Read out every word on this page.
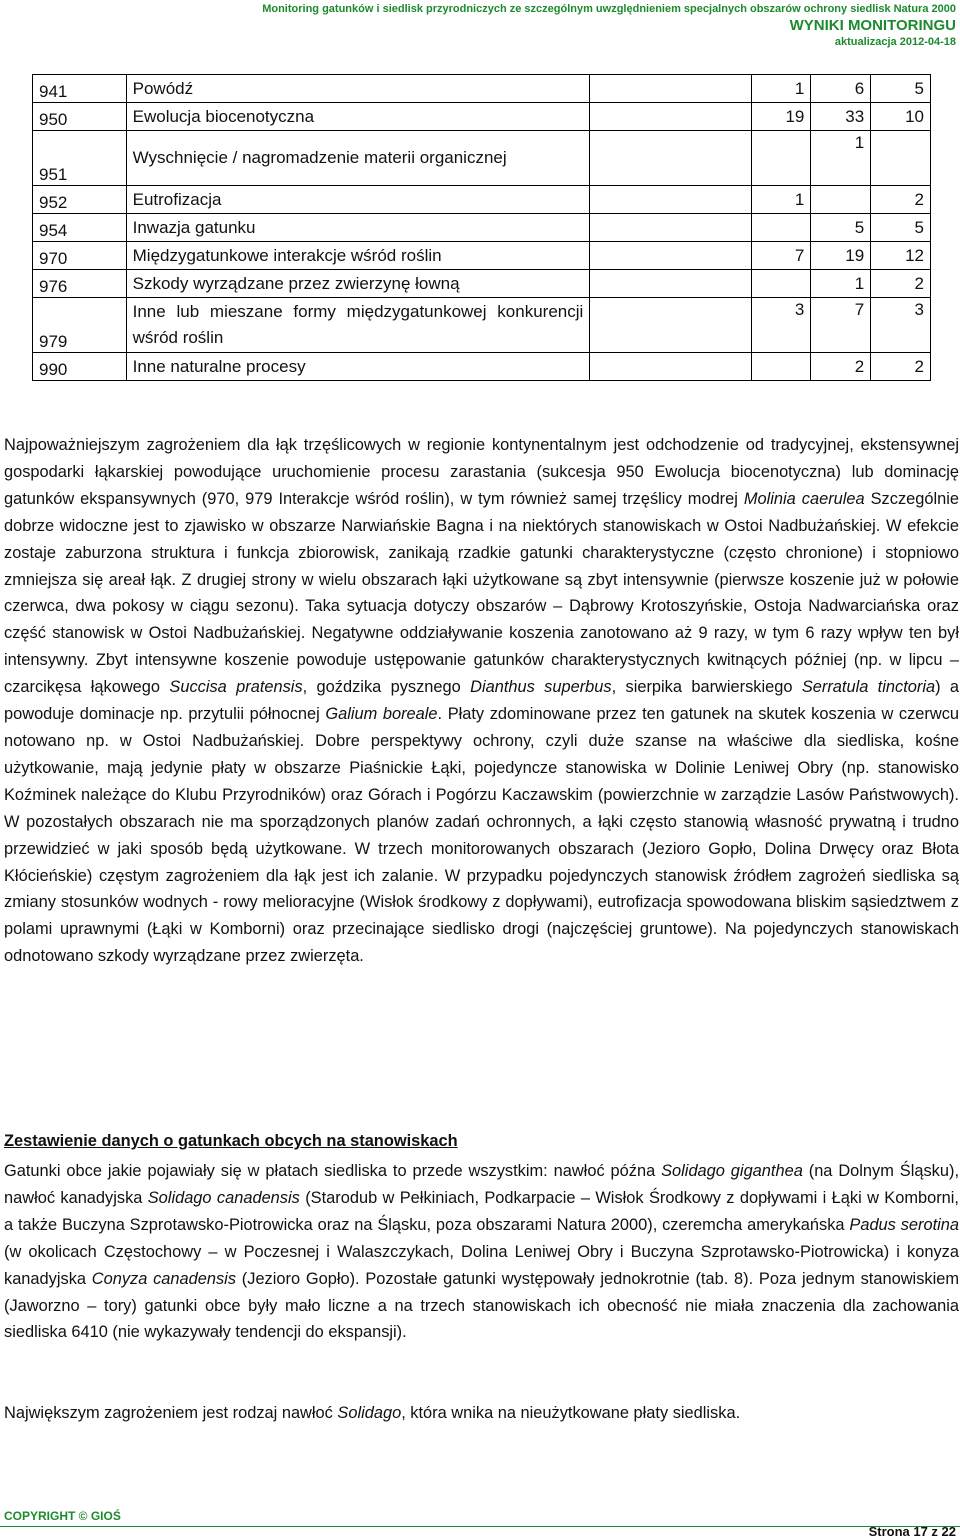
Monitoring gatunków i siedlisk przyrodniczych ze szczególnym uwzględnieniem specjalnych obszarów ochrony siedlisk Natura 2000
WYNIKI MONITORINGU
aktualizacja 2012-04-18
941	Powódź		1	6	5
950	Ewolucja biocenotyczna		19	33	10
951	Wyschnięcie / nagromadzenie materii organicznej			1	
952	Eutrofizacja		1		2
954	Inwazja gatunku			5	5
970	Międzygatunkowe interakcje wśród roślin		7	19	12
976	Szkody wyrządzane przez zwierzynę łowną			1	2
979	Inne lub mieszane formy międzygatunkowej konkurencji wśród roślin		3	7	3
990	Inne naturalne procesy			2	2

Najpoważniejszym zagrożeniem dla łąk trzęślicowych w regionie kontynentalnym jest odchodzenie od tradycyjnej, ekstensywnej gospodarki łąkarskiej powodujące uruchomienie procesu zarastania (sukcesja 950 Ewolucja biocenotyczna) lub dominację gatunków ekspansywnych (970, 979 Interakcje wśród roślin), w tym również samej trzęślicy modrej Molinia caerulea Szczególnie dobrze widoczne jest to zjawisko w obszarze Narwiańskie Bagna i na niektórych stanowiskach w Ostoi Nadbużańskiej. W efekcie zostaje zaburzona struktura i funkcja zbiorowisk, zanikają rzadkie gatunki charakterystyczne (często chronione) i stopniowo zmniejsza się areał łąk. Z drugiej strony w wielu obszarach łąki użytkowane są zbyt intensywnie (pierwsze koszenie już w połowie czerwca, dwa pokosy w ciągu sezonu). Taka sytuacja dotyczy obszarów – Dąbrowy Krotoszyńskie, Ostoja Nadwarciańska oraz część stanowisk w Ostoi Nadbużańskiej. Negatywne oddziaływanie koszenia zanotowano aż 9 razy, w tym 6 razy wpływ ten był intensywny. Zbyt intensywne koszenie powoduje ustępowanie gatunków charakterystycznych kwitnących później (np. w lipcu – czarcikęsa łąkowego Succisa pratensis, goździka pysznego Dianthus superbus, sierpika barwierskiego Serratula tinctoria) a powoduje dominacje np. przytulii północnej Galium boreale. Płaty zdominowane przez ten gatunek na skutek koszenia w czerwcu notowano np. w Ostoi Nadbużańskiej. Dobre perspektywy ochrony, czyli duże szanse na właściwe dla siedliska, kośne użytkowanie, mają jedynie płaty w obszarze Piaśnickie Łąki, pojedyncze stanowiska w Dolinie Leniwej Obry (np. stanowisko Koźminek należące do Klubu Przyrodników) oraz Górach i Pogórzu Kaczawskim (powierzchnie w zarządzie Lasów Państwowych). W pozostałych obszarach nie ma sporządzonych planów zadań ochronnych, a łąki często stanowią własność prywatną i trudno przewidzieć w jaki sposób będą użytkowane. W trzech monitorowanych obszarach (Jezioro Gopło, Dolina Drwęcy oraz Błota Kłócieńskie) częstym zagrożeniem dla łąk jest ich zalanie. W przypadku pojedynczych stanowisk źródłem zagrożeń siedliska są zmiany stosunków wodnych - rowy melioracyjne (Wisłok środkowy z dopływami), eutrofizacja spowodowana bliskim sąsiedztwem z polami uprawnymi (Łąki w Komborni) oraz przecinające siedlisko drogi (najczęściej gruntowe). Na pojedynczych stanowiskach odnotowano szkody wyrządzane przez zwierzęta.

Zestawienie danych o gatunkach obcych na stanowiskach

Gatunki obce jakie pojawiały się w płatach siedliska to przede wszystkim: nawłoć późna Solidago giganthea (na Dolnym Śląsku), nawłoć kanadyjska Solidago canadensis (Starodub w Pełkiniach, Podkarpacie – Wisłok Środkowy z dopływami i Łąki w Komborni, a także Buczyna Szprotawsko-Piotrowicka oraz na Śląsku, poza obszarami Natura 2000), czeremcha amerykańska Padus serotina (w okolicach Częstochowy – w Poczesnej i Walaszczykach, Dolina Leniwej Obry i Buczyna Szprotawsko-Piotrowicka) i konyza kanadyjska Conyza canadensis (Jezioro Gopło). Pozostałe gatunki występowały jednokrotnie (tab. 8). Poza jednym stanowiskiem (Jaworzno – tory) gatunki obce były mało liczne a na trzech stanowiskach ich obecność nie miała znaczenia dla zachowania siedliska 6410 (nie wykazywały tendencji do ekspansji).

Największym zagrożeniem jest rodzaj nawłoć Solidago, która wnika na nieużytkowane płaty siedliska.

COPYRIGHT © GIOŚ
Strona 17 z 22
